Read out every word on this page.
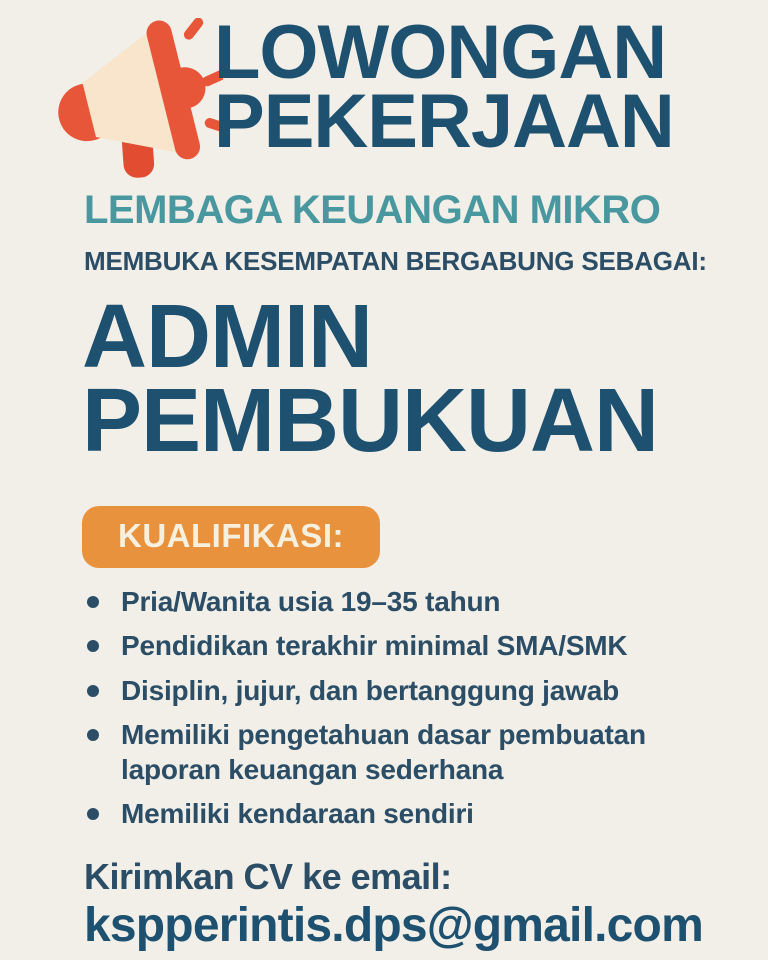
LOWONGAN
PEKERJAAN
LEMBAGA KEUANGAN MIKRO

MEMBUKA KESEMPATAN BERGABUNG SEBAGAI:

ADMIN
PEMBUKUAN
KUALIFIKASI:
Pria/Wanita usia 19–35 tahun
Pendidikan terakhir minimal SMA/SMK
Disiplin, jujur, dan bertanggung jawab
Memiliki pengetahuan dasar pembuatan laporan keuangan sederhana
Memiliki kendaraan sendiri

Kirimkan CV ke email:

kspperintis.dps@gmail.com
